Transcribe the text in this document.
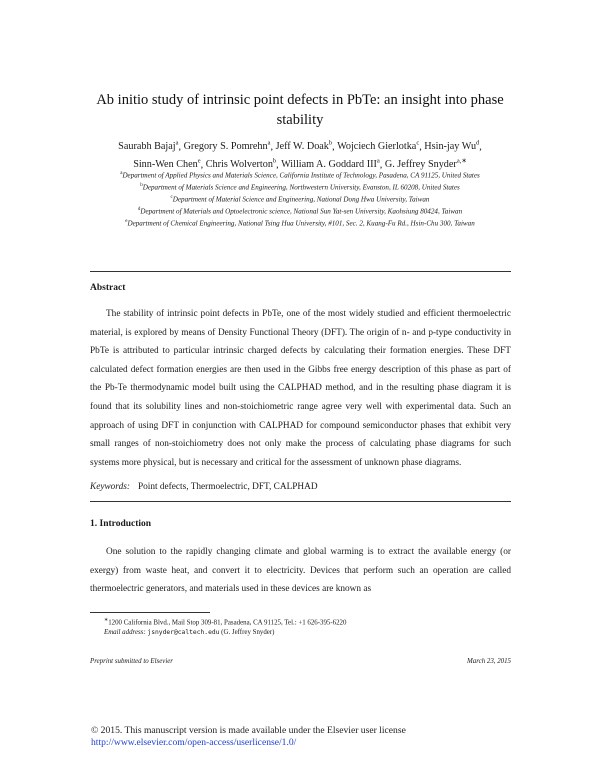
Ab initio study of intrinsic point defects in PbTe: an insight into phase stability
Saurabh Bajaj$^a$, Gregory S. Pomrehn$^a$, Jeff W. Doak$^b$, Wojciech Gierlotka$^c$, Hsin-jay Wu$^d$,
Sinn-Wen Chen$^e$, Chris Wolverton$^b$, William A. Goddard III$^a$, G. Jeffrey Snyder$^{a,∗}$
$^a$Department of Applied Physics and Materials Science, California Institute of Technology, Pasadena, CA 91125, United States
$^b$Department of Materials Science and Engineering, Northwestern University, Evanston, IL 60208, United States
$^c$Department of Material Science and Engineering, National Dong Hwa University, Taiwan
$^d$Department of Materials and Optoelectronic science, National Sun Yat-sen University, Kaohsiung 80424, Taiwan
$^e$Department of Chemical Engineering, National Tsing Hua University, #101, Sec. 2, Kuang-Fu Rd., Hsin-Chu 300, Taiwan
Abstract
The stability of intrinsic point defects in PbTe, one of the most widely studied and efficient thermoelectric material, is explored by means of Density Functional Theory (DFT). The origin of n- and p-type conductivity in PbTe is attributed to particular intrinsic charged defects by calculating their formation energies. These DFT calculated defect formation energies are then used in the Gibbs free energy description of this phase as part of the Pb-Te thermodynamic model built using the CALPHAD method, and in the resulting phase diagram it is found that its solubility lines and non-stoichiometric range agree very well with experimental data. Such an approach of using DFT in conjunction with CALPHAD for compound semiconductor phases that exhibit very small ranges of non-stoichiometry does not only make the process of calculating phase diagrams for such systems more physical, but is necessary and critical for the assessment of unknown phase diagrams.
Keywords: Point defects, Thermoelectric, DFT, CALPHAD
1. Introduction
One solution to the rapidly changing climate and global warming is to extract the available energy (or exergy) from waste heat, and convert it to electricity. Devices that perform such an operation are called thermoelectric generators, and materials used in these devices are known as
∗1200 California Blvd., Mail Stop 309-81, Pasadena, CA 91125, Tel.: +1 626-395-6220
Email address: jsnyder@caltech.edu (G. Jeffrey Snyder)
Preprint submitted to Elsevier	March 23, 2015
© 2015. This manuscript version is made available under the Elsevier user license
http://www.elsevier.com/open-access/userlicense/1.0/
